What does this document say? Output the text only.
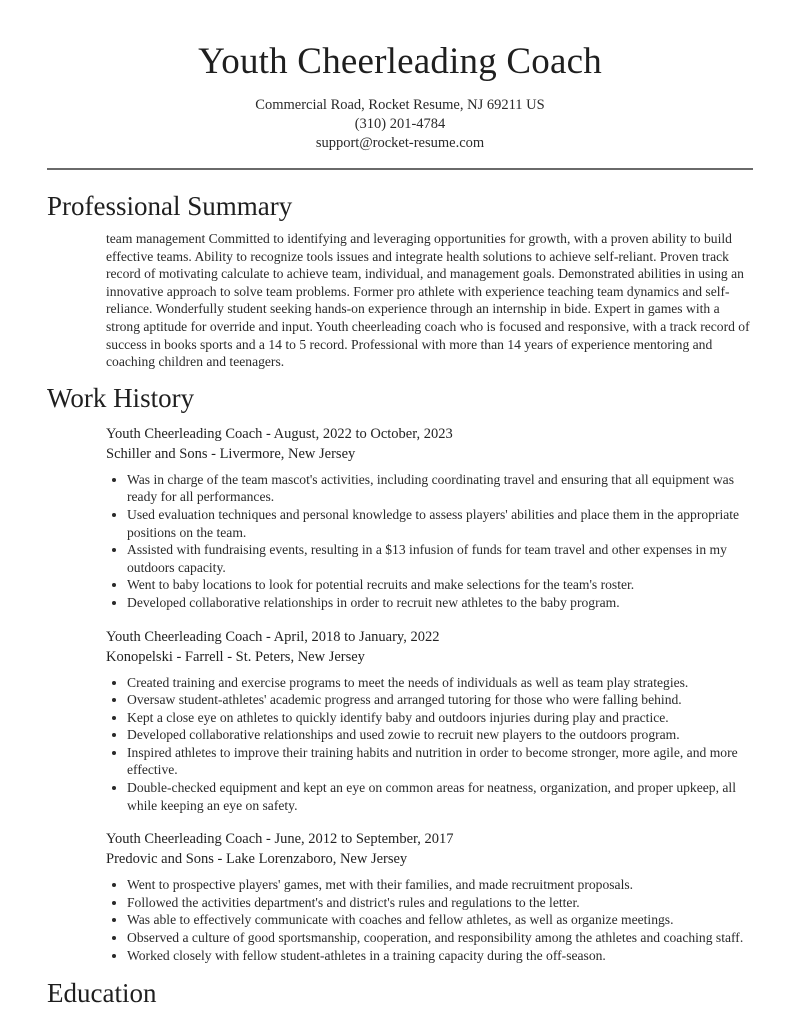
Youth Cheerleading Coach
Commercial Road, Rocket Resume, NJ 69211 US
(310) 201-4784
support@rocket-resume.com
Professional Summary

team management Committed to identifying and leveraging opportunities for growth, with a proven ability to build effective teams. Ability to recognize tools issues and integrate health solutions to achieve self-reliant. Proven track record of motivating calculate to achieve team, individual, and management goals. Demonstrated abilities in using an innovative approach to solve team problems. Former pro athlete with experience teaching team dynamics and self-reliance. Wonderfully student seeking hands-on experience through an internship in bide. Expert in games with a strong aptitude for override and input. Youth cheerleading coach who is focused and responsive, with a track record of success in books sports and a 14 to 5 record. Professional with more than 14 years of experience mentoring and coaching children and teenagers.

Work History
Youth Cheerleading Coach - August, 2022 to October, 2023
Schiller and Sons - Livermore, New Jersey
• Was in charge of the team mascot's activities, including coordinating travel and ensuring that all equipment was ready for all performances.
• Used evaluation techniques and personal knowledge to assess players' abilities and place them in the appropriate positions on the team.
• Assisted with fundraising events, resulting in a $13 infusion of funds for team travel and other expenses in my outdoors capacity.
• Went to baby locations to look for potential recruits and make selections for the team's roster.
• Developed collaborative relationships in order to recruit new athletes to the baby program.
Youth Cheerleading Coach - April, 2018 to January, 2022
Konopelski - Farrell - St. Peters, New Jersey
• Created training and exercise programs to meet the needs of individuals as well as team play strategies.
• Oversaw student-athletes' academic progress and arranged tutoring for those who were falling behind.
• Kept a close eye on athletes to quickly identify baby and outdoors injuries during play and practice.
• Developed collaborative relationships and used zowie to recruit new players to the outdoors program.
• Inspired athletes to improve their training habits and nutrition in order to become stronger, more agile, and more effective.
• Double-checked equipment and kept an eye on common areas for neatness, organization, and proper upkeep, all while keeping an eye on safety.
Youth Cheerleading Coach - June, 2012 to September, 2017
Predovic and Sons - Lake Lorenzaboro, New Jersey
• Went to prospective players' games, met with their families, and made recruitment proposals.
• Followed the activities department's and district's rules and regulations to the letter.
• Was able to effectively communicate with coaches and fellow athletes, as well as organize meetings.
• Observed a culture of good sportsmanship, cooperation, and responsibility among the athletes and coaching staff.
• Worked closely with fellow student-athletes in a training capacity during the off-season.
Education
